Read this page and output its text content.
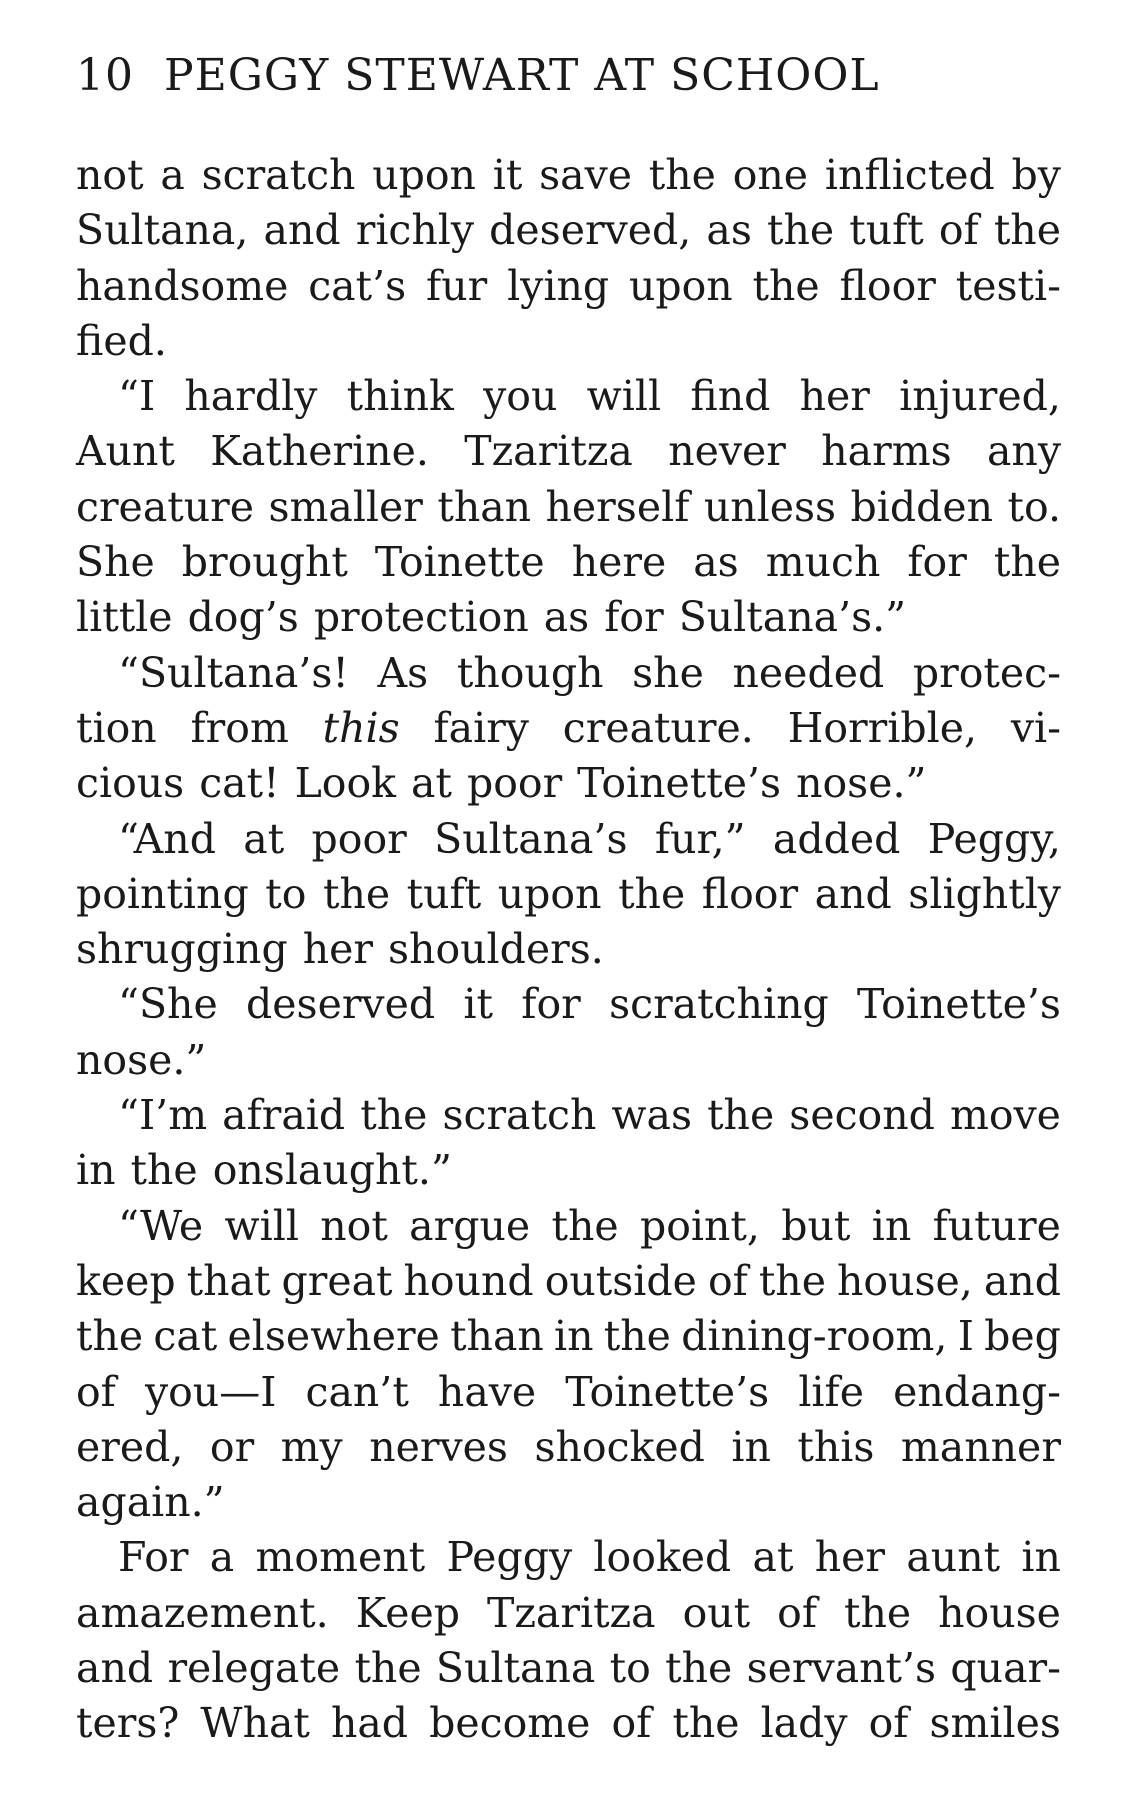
10 PEGGY STEWART AT SCHOOL
not a scratch upon it save the one inflicted by
Sultana, and richly deserved, as the tuft of the
handsome cat’s fur lying upon the floor testi-
fied.
“I hardly think you will find her injured,
Aunt Katherine. Tzaritza never harms any
creature smaller than herself unless bidden to.
She brought Toinette here as much for the
little dog’s protection as for Sultana’s.”
“Sultana’s! As though she needed protec-
tion from this fairy creature. Horrible, vi-
cious cat! Look at poor Toinette’s nose.”
“And at poor Sultana’s fur,” added Peggy,
pointing to the tuft upon the floor and slightly
shrugging her shoulders.
“She deserved it for scratching Toinette’s
nose.”
“I’m afraid the scratch was the second move
in the onslaught.”
“We will not argue the point, but in future
keep that great hound outside of the house, and
the cat elsewhere than in the dining-room, I beg
of you—I can’t have Toinette’s life endang-
ered, or my nerves shocked in this manner
again.”
For a moment Peggy looked at her aunt in
amazement. Keep Tzaritza out of the house
and relegate the Sultana to the servant’s quar-
ters? What had become of the lady of smiles
